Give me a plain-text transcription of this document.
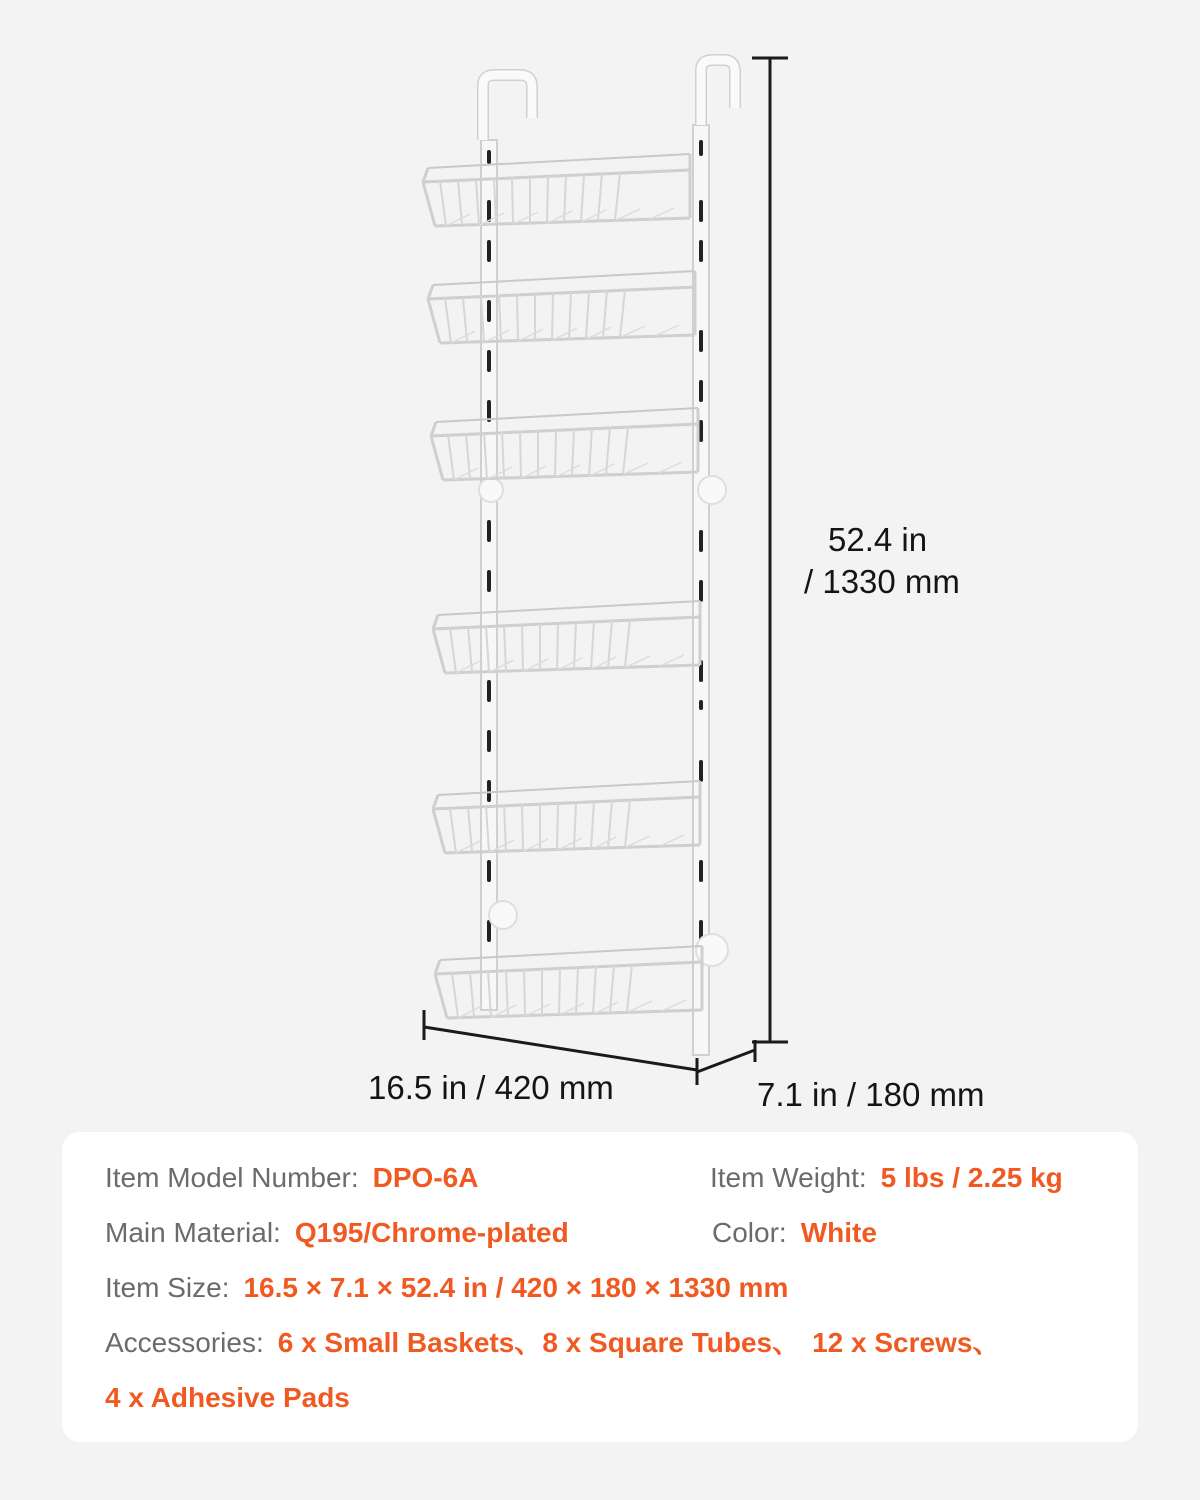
52.4 in
/ 1330 mm
16.5 in / 420 mm	7.1 in / 180 mm
Item Model Number: DPO-6A	Item Weight: 5 lbs / 2.25 kg
Main Material: Q195/Chrome-plated	Color: White
Item Size: 16.5 × 7.1 × 52.4 in / 420 × 180 × 1330 mm
Accessories: 6 x Small Baskets、8 x Square Tubes、 12 x Screws、
4 x Adhesive Pads
